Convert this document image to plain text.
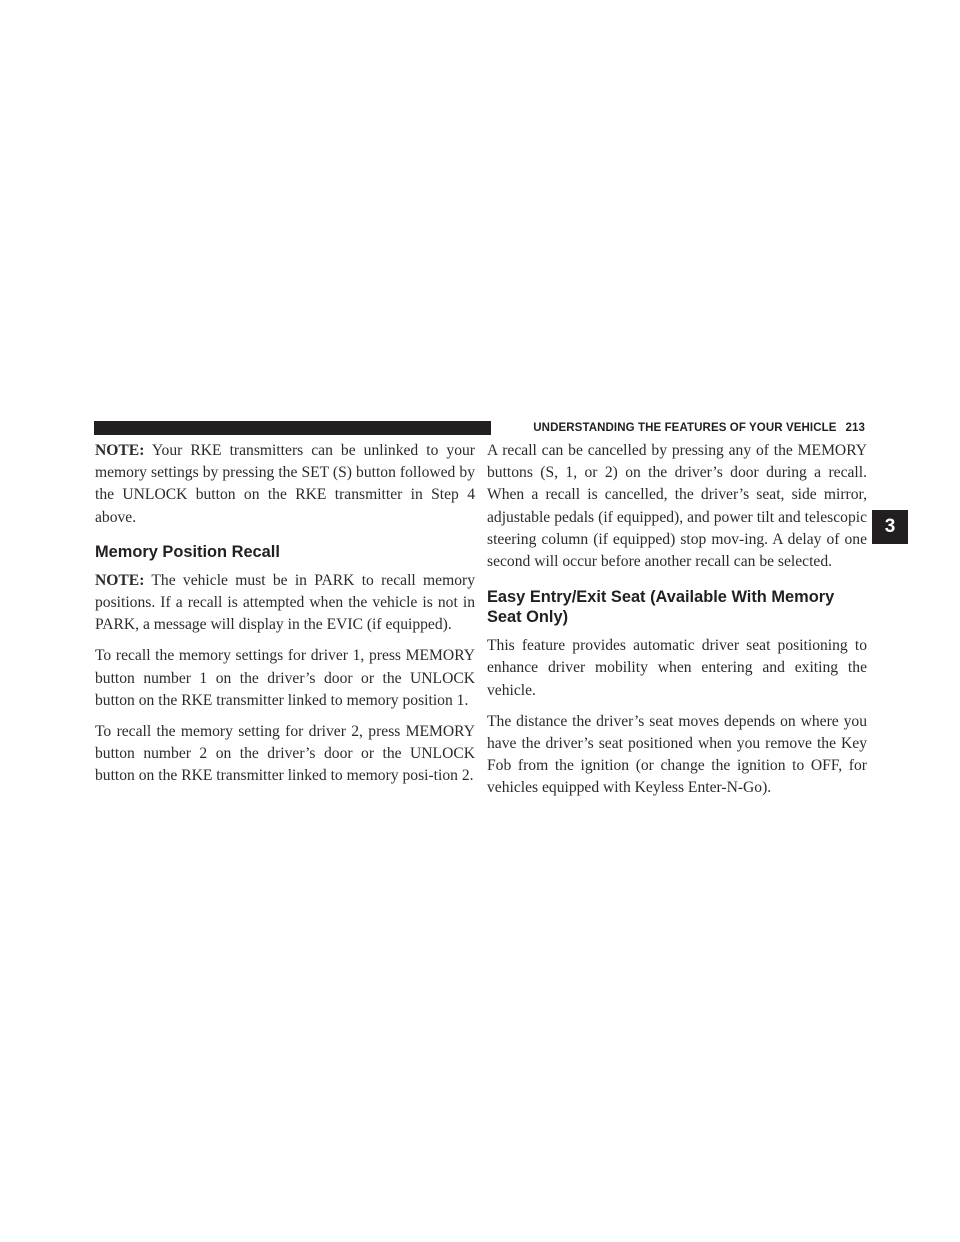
UNDERSTANDING THE FEATURES OF YOUR VEHICLE 213
3

NOTE: Your RKE transmitters can be unlinked to your memory settings by pressing the SET (S) button followed by the UNLOCK button on the RKE transmitter in Step 4 above.

Memory Position Recall

NOTE: The vehicle must be in PARK to recall memory positions. If a recall is attempted when the vehicle is not in PARK, a message will display in the EVIC (if equipped).

To recall the memory settings for driver 1, press MEMORY button number 1 on the driver’s door or the UNLOCK button on the RKE transmitter linked to memory position 1.

To recall the memory setting for driver 2, press MEMORY button number 2 on the driver’s door or the UNLOCK button on the RKE transmitter linked to memory posi-tion 2.

A recall can be cancelled by pressing any of the MEMORY buttons (S, 1, or 2) on the driver’s door during a recall. When a recall is cancelled, the driver’s seat, side mirror, adjustable pedals (if equipped), and power tilt and telescopic steering column (if equipped) stop mov-ing. A delay of one second will occur before another recall can be selected.

Easy Entry/Exit Seat (Available With Memory Seat Only)

This feature provides automatic driver seat positioning to enhance driver mobility when entering and exiting the vehicle.

The distance the driver’s seat moves depends on where you have the driver’s seat positioned when you remove the Key Fob from the ignition (or change the ignition to OFF, for vehicles equipped with Keyless Enter-N-Go).
